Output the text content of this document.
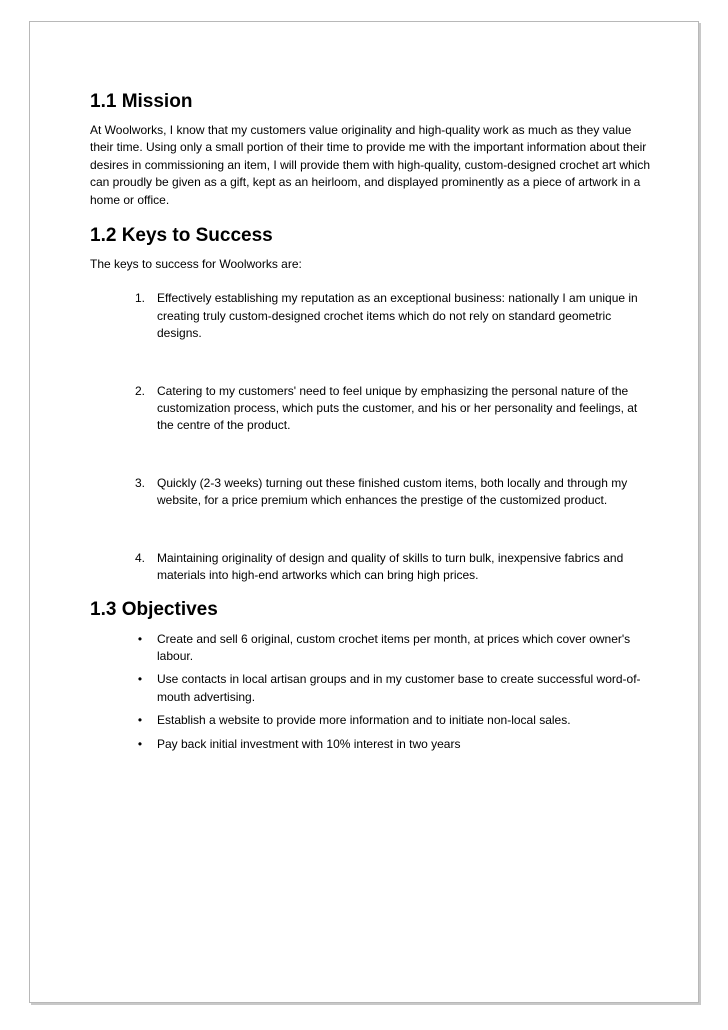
1.1 Mission

At Woolworks, I know that my customers value originality and high-quality work as much as they value their time. Using only a small portion of their time to provide me with the important information about their desires in commissioning an item, I will provide them with high-quality, custom-designed crochet art which can proudly be given as a gift, kept as an heirloom, and displayed prominently as a piece of artwork in a home or office.

1.2 Keys to Success

The keys to success for Woolworks are:

1. Effectively establishing my reputation as an exceptional business: nationally I am unique in creating truly custom-designed crochet items which do not rely on standard geometric designs.
2. Catering to my customers' need to feel unique by emphasizing the personal nature of the customization process, which puts the customer, and his or her personality and feelings, at the centre of the product.
3. Quickly (2-3 weeks) turning out these finished custom items, both locally and through my website, for a price premium which enhances the prestige of the customized product.
4. Maintaining originality of design and quality of skills to turn bulk, inexpensive fabrics and materials into high-end artworks which can bring high prices.
1.3 Objectives
• Create and sell 6 original, custom crochet items per month, at prices which cover owner's labour.
• Use contacts in local artisan groups and in my customer base to create successful word-of-mouth advertising.
• Establish a website to provide more information and to initiate non-local sales.
• Pay back initial investment with 10% interest in two years
